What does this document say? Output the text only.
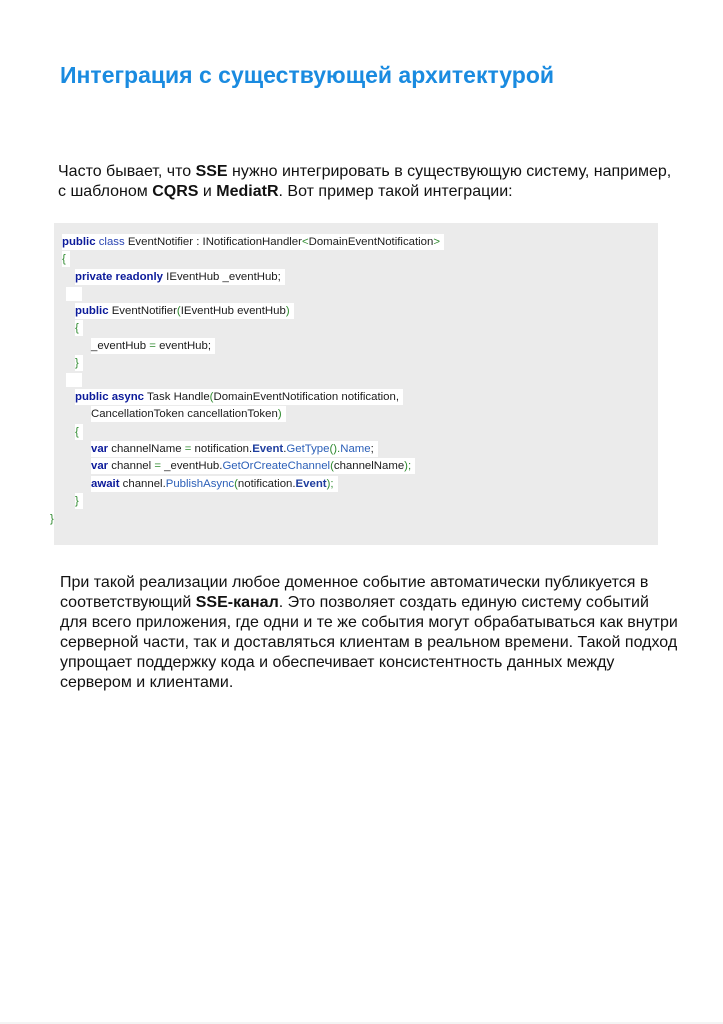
Интеграция с существующей архитектурой
Часто бывает, что SSE нужно интегрировать в существующую систему, например, с шаблоном CQRS и MediatR. Вот пример такой интеграции:
public class EventNotifier : INotificationHandler<DomainEventNotification>
{
private readonly IEventHub _eventHub;
public EventNotifier(IEventHub eventHub)
{
_eventHub = eventHub;
}
public async Task Handle(DomainEventNotification notification,
CancellationToken cancellationToken)
{
var channelName = notification.Event.GetType().Name;
var channel = _eventHub.GetOrCreateChannel(channelName);
await channel.PublishAsync(notification.Event);
}
}
При такой реализации любое доменное событие автоматически публикуется в соответствующий SSE-канал. Это позволяет создать единую систему событий для всего приложения, где одни и те же события могут обрабатываться как внутри серверной части, так и доставляться клиентам в реальном времени. Такой подход упрощает поддержку кода и обеспечивает консистентность данных между сервером и клиентами.
